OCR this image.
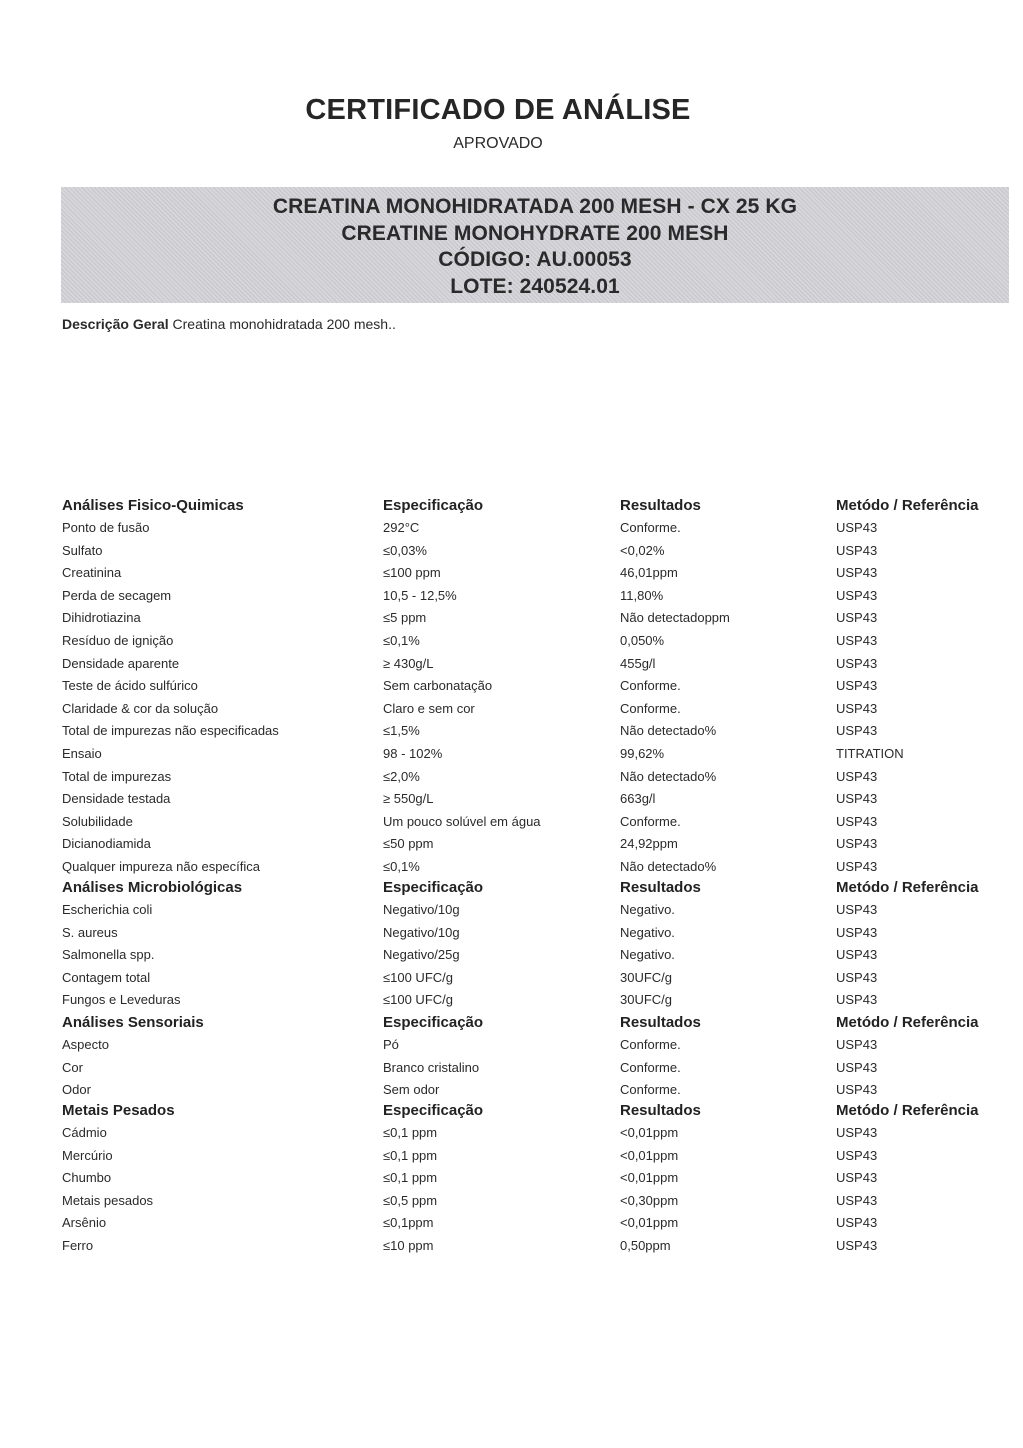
CERTIFICADO DE ANÁLISE
APROVADO
CREATINA MONOHIDRATADA 200 MESH - CX 25 KG
CREATINE MONOHYDRATE 200 MESH
CÓDIGO: AU.00053
LOTE: 240524.01
Descrição Geral Creatina monohidratada 200 mesh..
Análises Fisico-Quimicas	Especificação	Resultados	Metódo / Referência
Ponto de fusão	292°C	Conforme.	USP43
Sulfato	≤0,03%	<0,02%	USP43
Creatinina	≤100 ppm	46,01ppm	USP43
Perda de secagem	10,5 - 12,5%	11,80%	USP43
Dihidrotiazina	≤5 ppm	Não detectadoppm	USP43
Resíduo de ignição	≤0,1%	0,050%	USP43
Densidade aparente	≥ 430g/L	455g/l	USP43
Teste de ácido sulfúrico	Sem carbonatação	Conforme.	USP43
Claridade & cor da solução	Claro e sem cor	Conforme.	USP43
Total de impurezas não especificadas	≤1,5%	Não detectado%	USP43
Ensaio	98 - 102%	99,62%	TITRATION
Total de impurezas	≤2,0%	Não detectado%	USP43
Densidade testada	≥ 550g/L	663g/l	USP43
Solubilidade	Um pouco solúvel em água	Conforme.	USP43
Dicianodiamida	≤50 ppm	24,92ppm	USP43
Qualquer impureza não específica	≤0,1%	Não detectado%	USP43
Análises Microbiológicas	Especificação	Resultados	Metódo / Referência
Escherichia coli	Negativo/10g	Negativo.	USP43
S. aureus	Negativo/10g	Negativo.	USP43
Salmonella spp.	Negativo/25g	Negativo.	USP43
Contagem total	≤100 UFC/g	30UFC/g	USP43
Fungos e Leveduras	≤100 UFC/g	30UFC/g	USP43
Análises Sensoriais	Especificação	Resultados	Metódo / Referência
Aspecto	Pó	Conforme.	USP43
Cor	Branco cristalino	Conforme.	USP43
Odor	Sem odor	Conforme.	USP43
Metais Pesados	Especificação	Resultados	Metódo / Referência
Cádmio	≤0,1 ppm	<0,01ppm	USP43
Mercúrio	≤0,1 ppm	<0,01ppm	USP43
Chumbo	≤0,1 ppm	<0,01ppm	USP43
Metais pesados	≤0,5 ppm	<0,30ppm	USP43
Arsênio	≤0,1ppm	<0,01ppm	USP43
Ferro	≤10 ppm	0,50ppm	USP43
